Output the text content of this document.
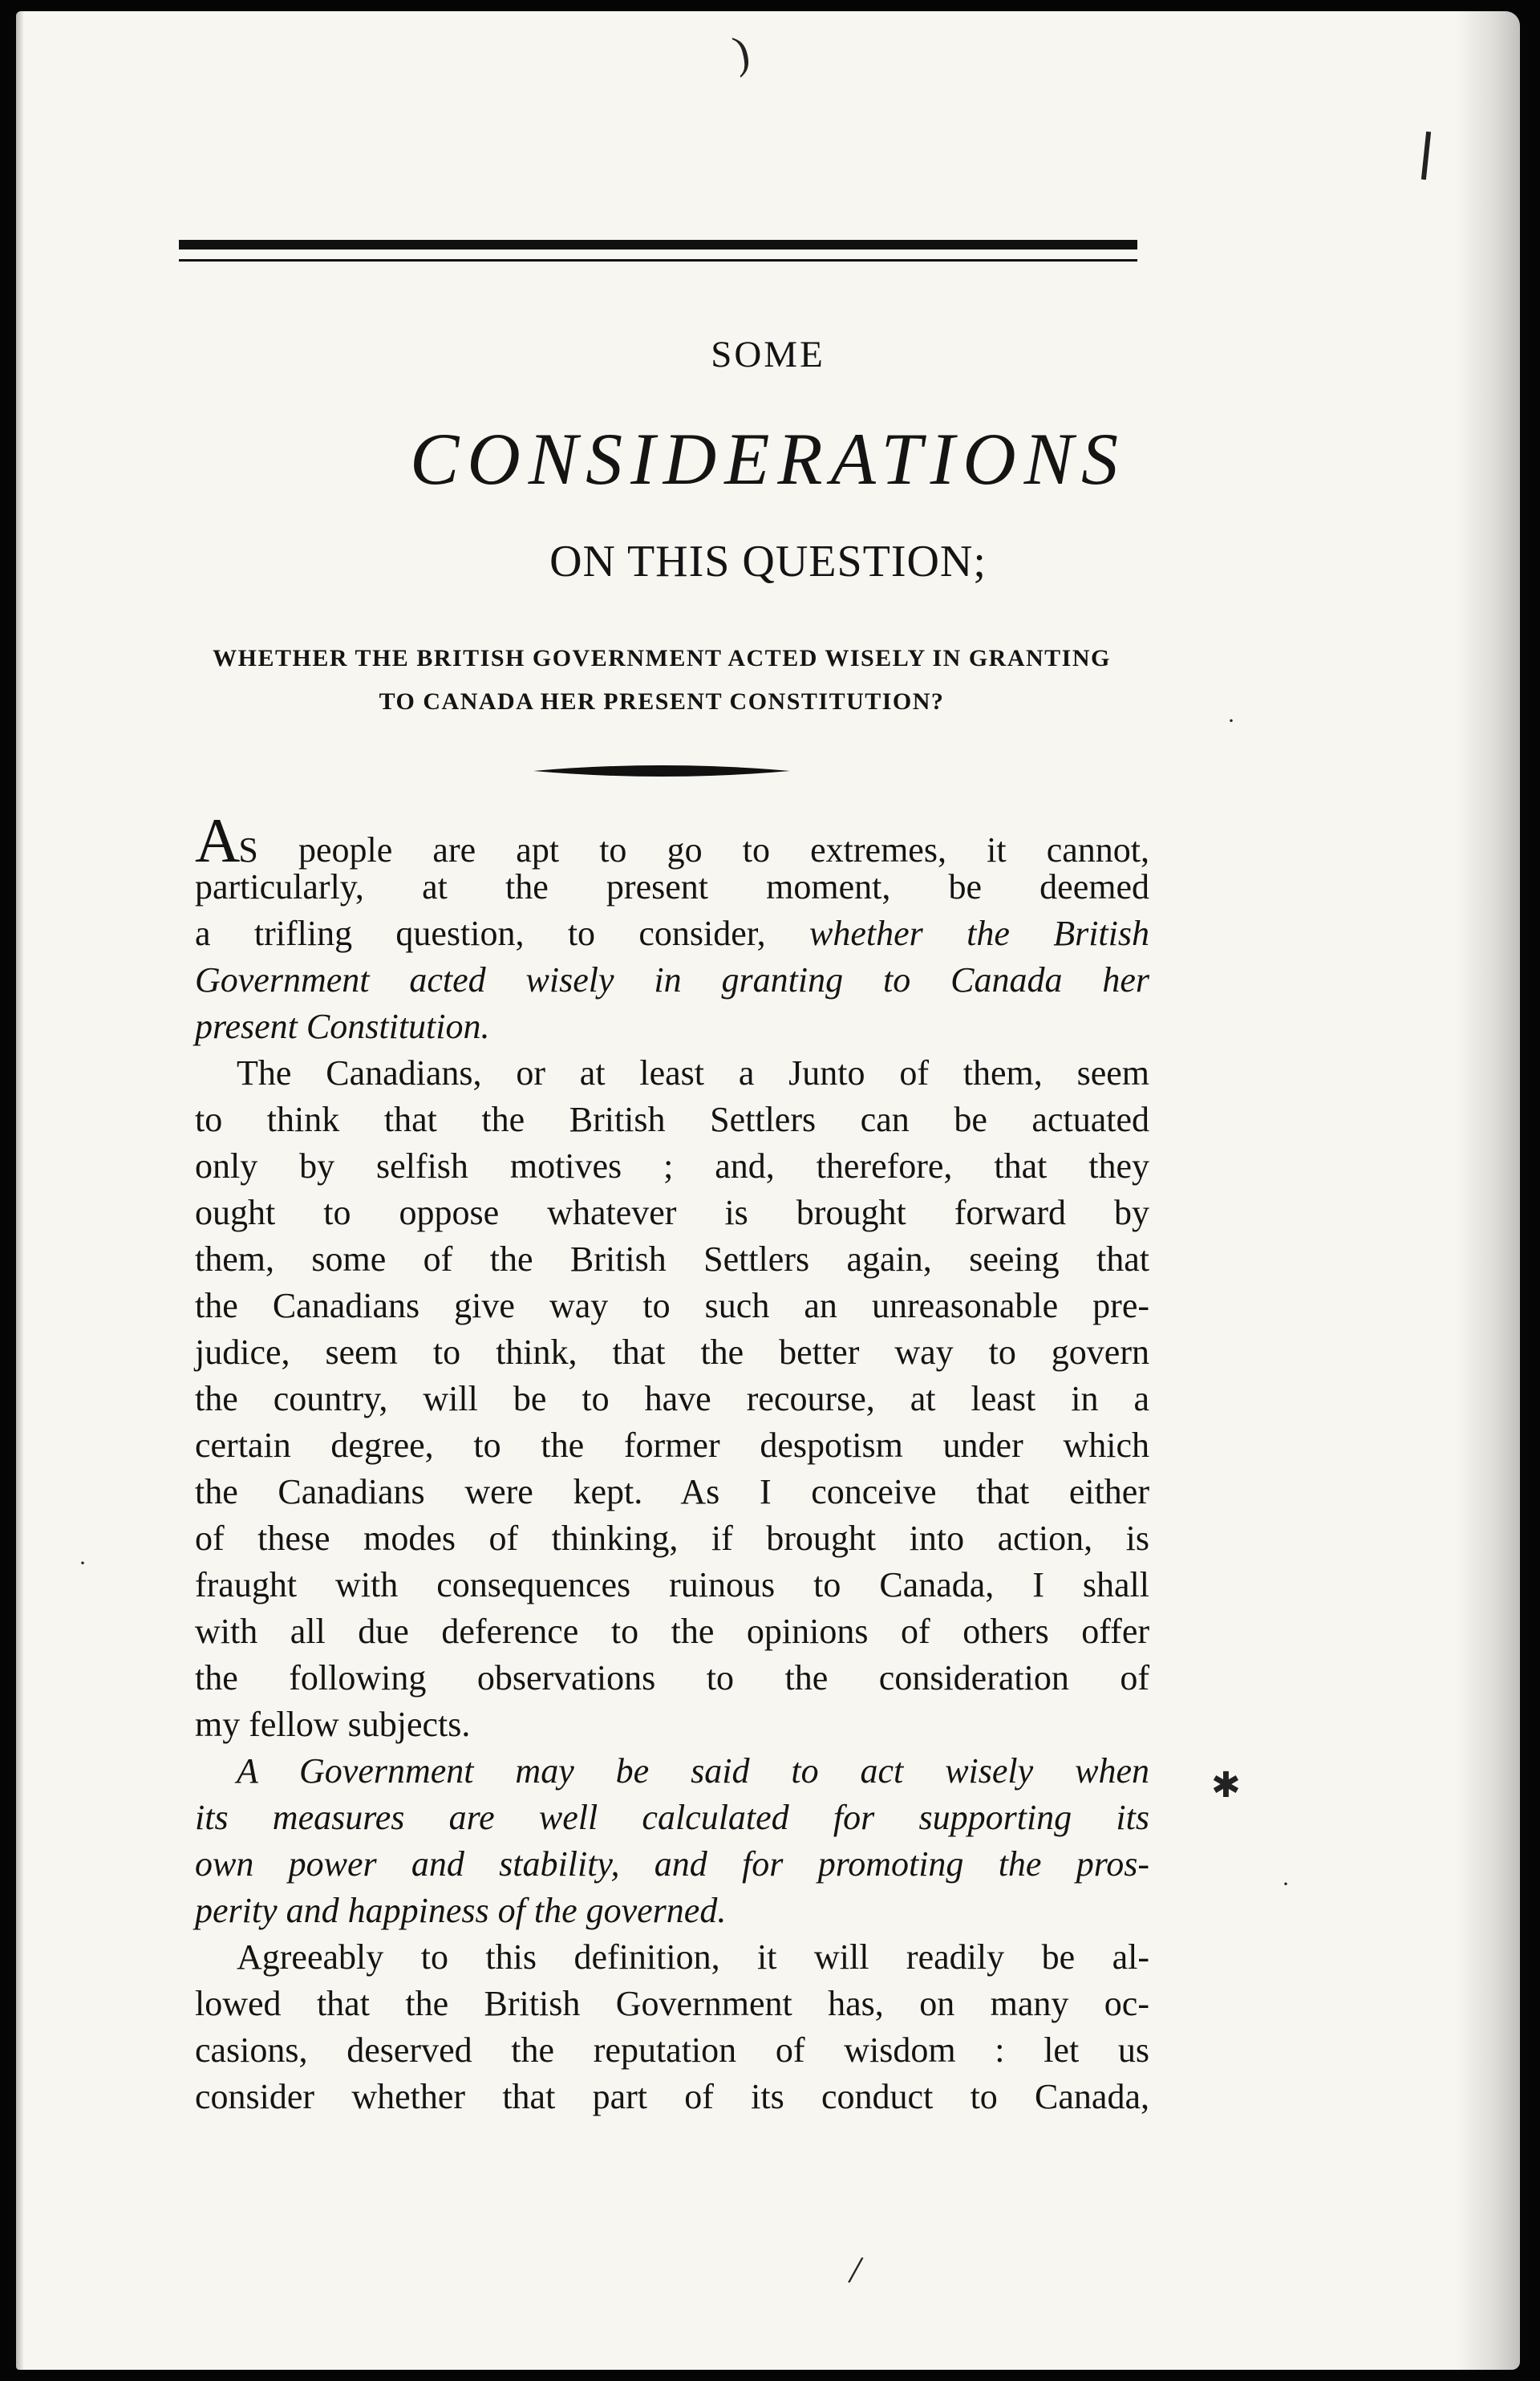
)
·
✱
·
·
/
SOME
CONSIDERATIONS
ON THIS QUESTION;
WHETHER THE BRITISH GOVERNMENT ACTED WISELY IN GRANTING
TO CANADA HER PRESENT CONSTITUTION?
AS people are apt to go to extremes, it cannot,
particularly, at the present moment, be deemed
a trifling question, to consider, whether the British
Government acted wisely in granting to Canada her
present Constitution.
The Canadians, or at least a Junto of them, seem
to think that the British Settlers can be actuated
only by selfish motives ; and, therefore, that they
ought to oppose whatever is brought forward by
them, some of the British Settlers again, seeing that
the Canadians give way to such an unreasonable pre-
judice, seem to think, that the better way to govern
the country, will be to have recourse, at least in a
certain degree, to the former despotism under which
the Canadians were kept. As I conceive that either
of these modes of thinking, if brought into action, is
fraught with consequences ruinous to Canada, I shall
with all due deference to the opinions of others offer
the following observations to the consideration of
my fellow subjects.
A Government may be said to act wisely when
its measures are well calculated for supporting its
own power and stability, and for promoting the pros-
perity and happiness of the governed.
Agreeably to this definition, it will readily be al-
lowed that the British Government has, on many oc-
casions, deserved the reputation of wisdom : let us
consider whether that part of its conduct to Canada,
